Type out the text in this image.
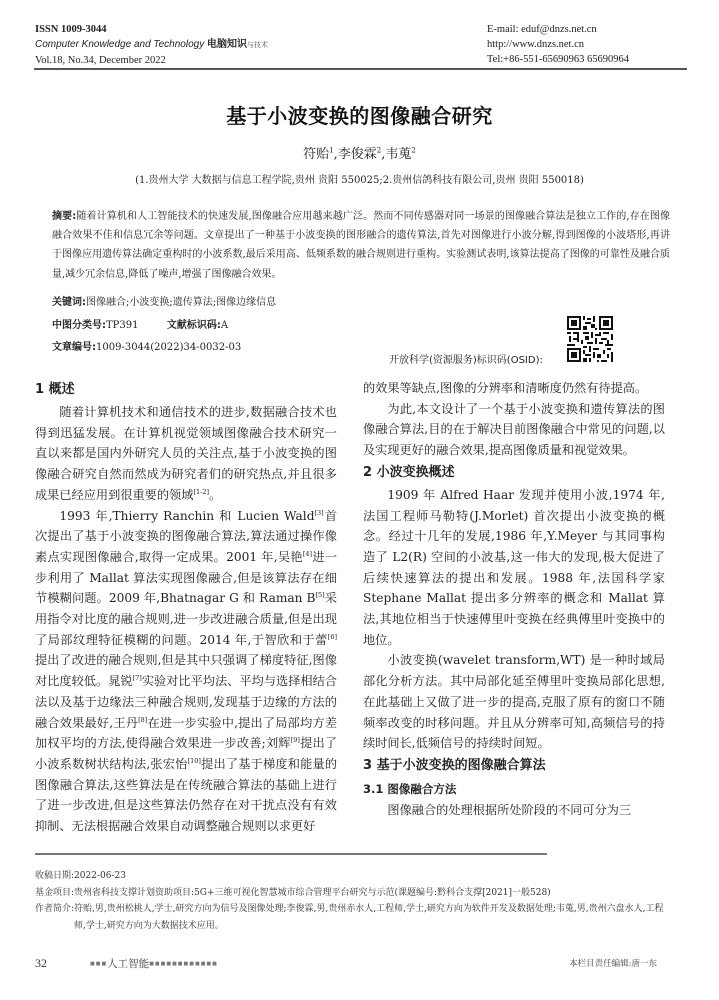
ISSN 1009-3044
Computer Knowledge and Technology 电脑知识与技术
Vol.18, No.34, December 2022
E-mail: eduf@dnzs.net.cn
http://www.dnzs.net.cn
Tel:+86-551-65690963 65690964
基于小波变换的图像融合研究
符贻$^1$,李俊霖$^2$,韦蒐$^2$
(1.贵州大学 大数据与信息工程学院,贵州 贵阳 550025;2.贵州信鸽科技有限公司,贵州 贵阳 550018)
摘要:随着计算机和人工智能技术的快速发展,图像融合应用越来越广泛。然而不同传感器对同一场景的图像融合算法是独立工作的,存在图像融合效果不佳和信息冗余等问题。文章提出了一种基于小波变换的图形融合的遗传算法,首先对图像进行小波分解,得到图像的小波塔形,再讲于图像应用遗传算法确定重构时的小波系数,最后采用高、低频系数的融合规则进行重构。实验测试表明,该算法提高了图像的可靠性及融合质量,减少冗余信息,降低了噪声,增强了图像融合效果。
关键词:图像融合;小波变换;遗传算法;图像边缘信息
中图分类号:TP391	文献标识码:A
文章编号:1009-3044(2022)34-0032-03
开放科学(资源服务)标识码(OSID):
1 概述

随着计算机技术和通信技术的进步,数据融合技术也得到迅猛发展。在计算机视觉领域图像融合技术研究一直以来都是国内外研究人员的关注点,基于小波变换的图像融合研究自然而然成为研究者们的研究热点,并且很多成果已经应用到很重要的领域[1-2]。

1993 年,Thierry Ranchin 和 Lucien Wald[3]首次提出了基于小波变换的图像融合算法,算法通过操作像素点实现图像融合,取得一定成果。2001 年,吴艳[4]进一步利用了 Mallat 算法实现图像融合,但是该算法存在细节模糊问题。2009 年,Bhatnagar G 和 Raman B[5]采用指令对比度的融合规则,进一步改进融合质量,但是出现了局部纹理特征模糊的问题。2014 年,于智欣和于蕾[6]提出了改进的融合规则,但是其中只强调了梯度特征,图像对比度较低。晁锐[7]实验对比平均法、平均与选择相结合法以及基于边缘法三种融合规则,发现基于边缘的方法的融合效果最好,王丹[8]在进一步实验中,提出了局部均方差加权平均的方法,使得融合效果进一步改善;刘辉[9]提出了小波系数树状结构法,张宏怡[10]提出了基于梯度和能量的图像融合算法,这些算法是在传统融合算法的基础上进行了进一步改进,但是这些算法仍然存在对干扰点没有有效抑制、无法根据融合效果自动调整融合规则以求更好

的效果等缺点,图像的分辨率和清晰度仍然有待提高。

为此,本文设计了一个基于小波变换和遗传算法的图像融合算法,目的在于解决目前图像融合中常见的问题,以及实现更好的融合效果,提高图像质量和视觉效果。

2 小波变换概述

1909 年 Alfred Haar 发现并使用小波,1974 年,法国工程师马勒特(J.Morlet) 首次提出小波变换的概念。经过十几年的发展,1986 年,Y.Meyer 与其同事构造了 L2(R) 空间的小波基,这一伟大的发现,极大促进了后续快速算法的提出和发展。1988 年,法国科学家 Stephane Mallat 提出多分辨率的概念和 Mallat 算法,其地位相当于快速傅里叶变换在经典傅里叶变换中的地位。

小波变换(wavelet transform,WT) 是一种时域局部化分析方法。其中局部化延至傅里叶变换局部化思想,在此基础上又做了进一步的提高,克服了原有的窗口不随频率改变的时移问题。并且从分辨率可知,高频信号的持续时间长,低频信号的持续时间短。

3 基于小波变换的图像融合算法
3.1 图像融合方法

图像融合的处理根据所处阶段的不同可分为三

收稿日期: 2022-06-23
基金项目: 贵州省科技支撑计划资助项目:5G+三维可视化智慧城市综合管理平台研究与示范(课题编号:黔科合支撑[2021]一般528)
作者简介: 符贻,男,贵州松桃人,学士,研究方向为信号及图像处理;李俊霖,男,贵州赤水人,工程师,学士,研究方向为软件开发及数据处理;韦蒐,男,贵州六盘水人,工程师,学士,研究方向为大数据技术应用。
32	■■■人工智能■■■■■■■■■■■■	本栏目责任编辑:唐一东
